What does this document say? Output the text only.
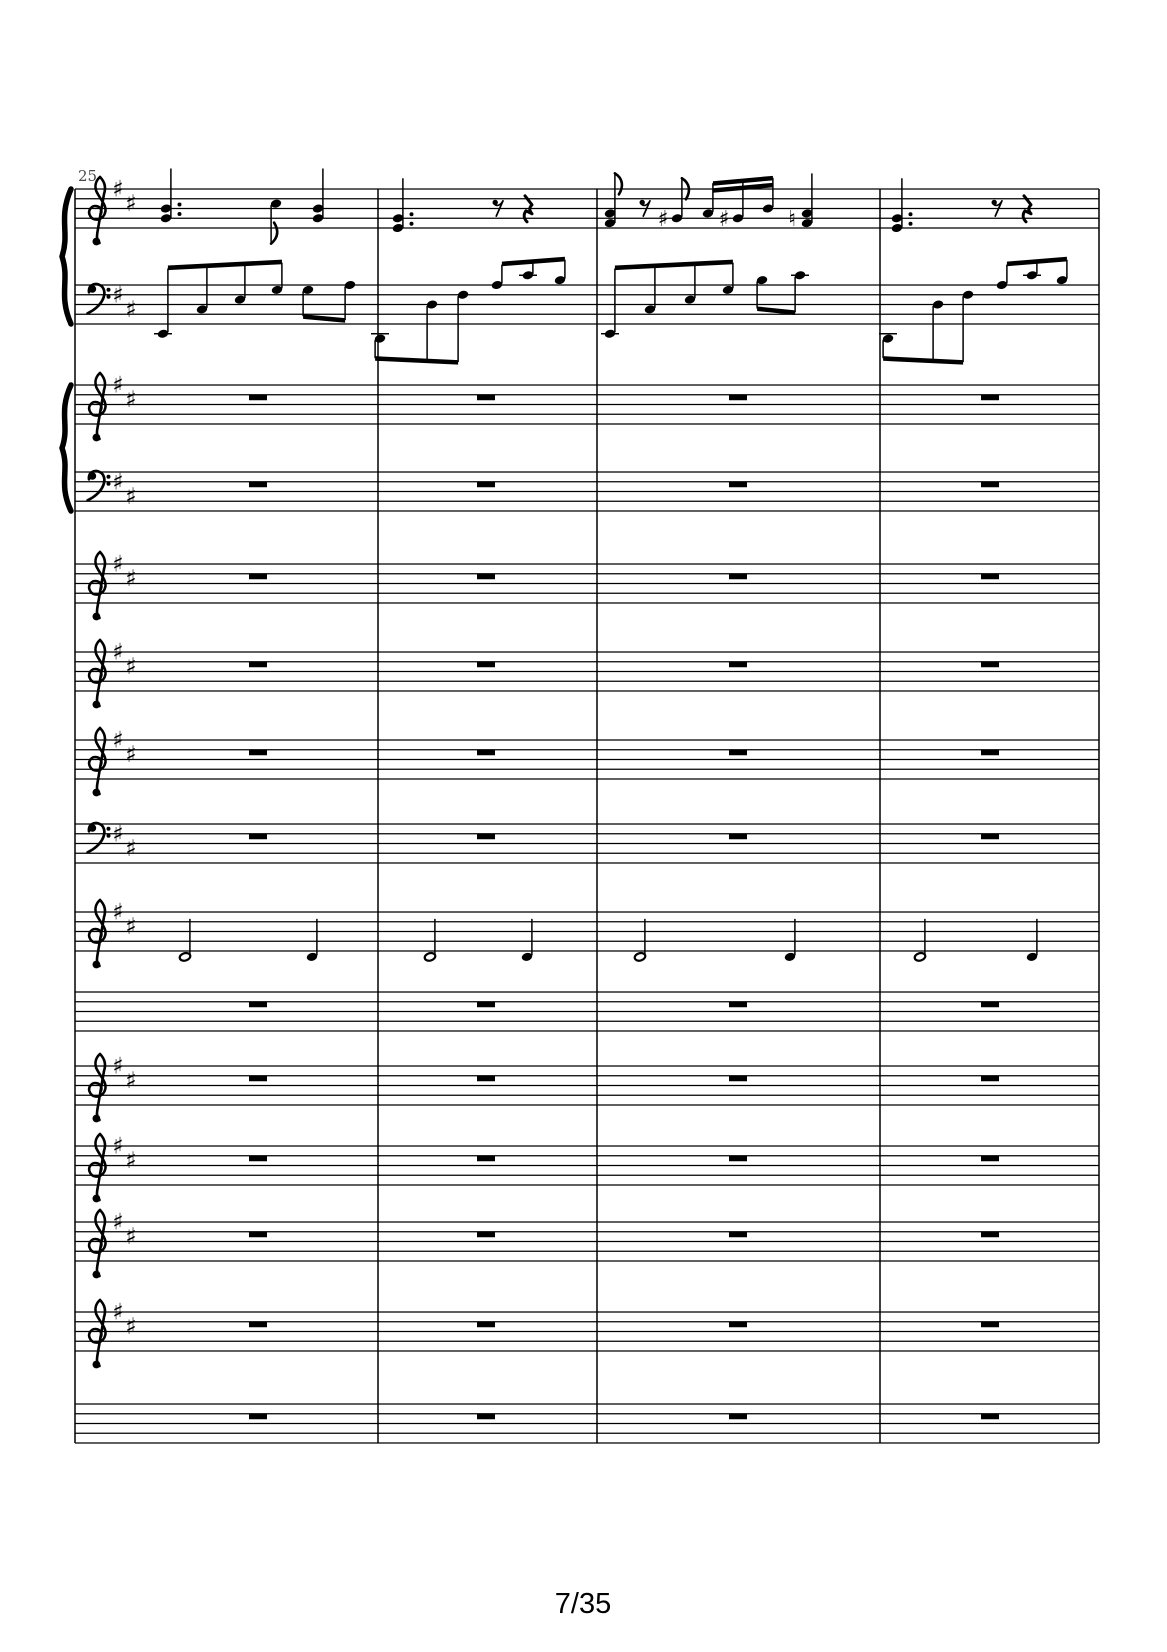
♯
♯
♯
♯
♯
♯
♯
♯
♯
♯
♯
♯
♯
♯
♯
♯
♯
♯
♯
♯
♯
♯
♯
♯
♯
♯
♯ ♯	♮
25
7/35
